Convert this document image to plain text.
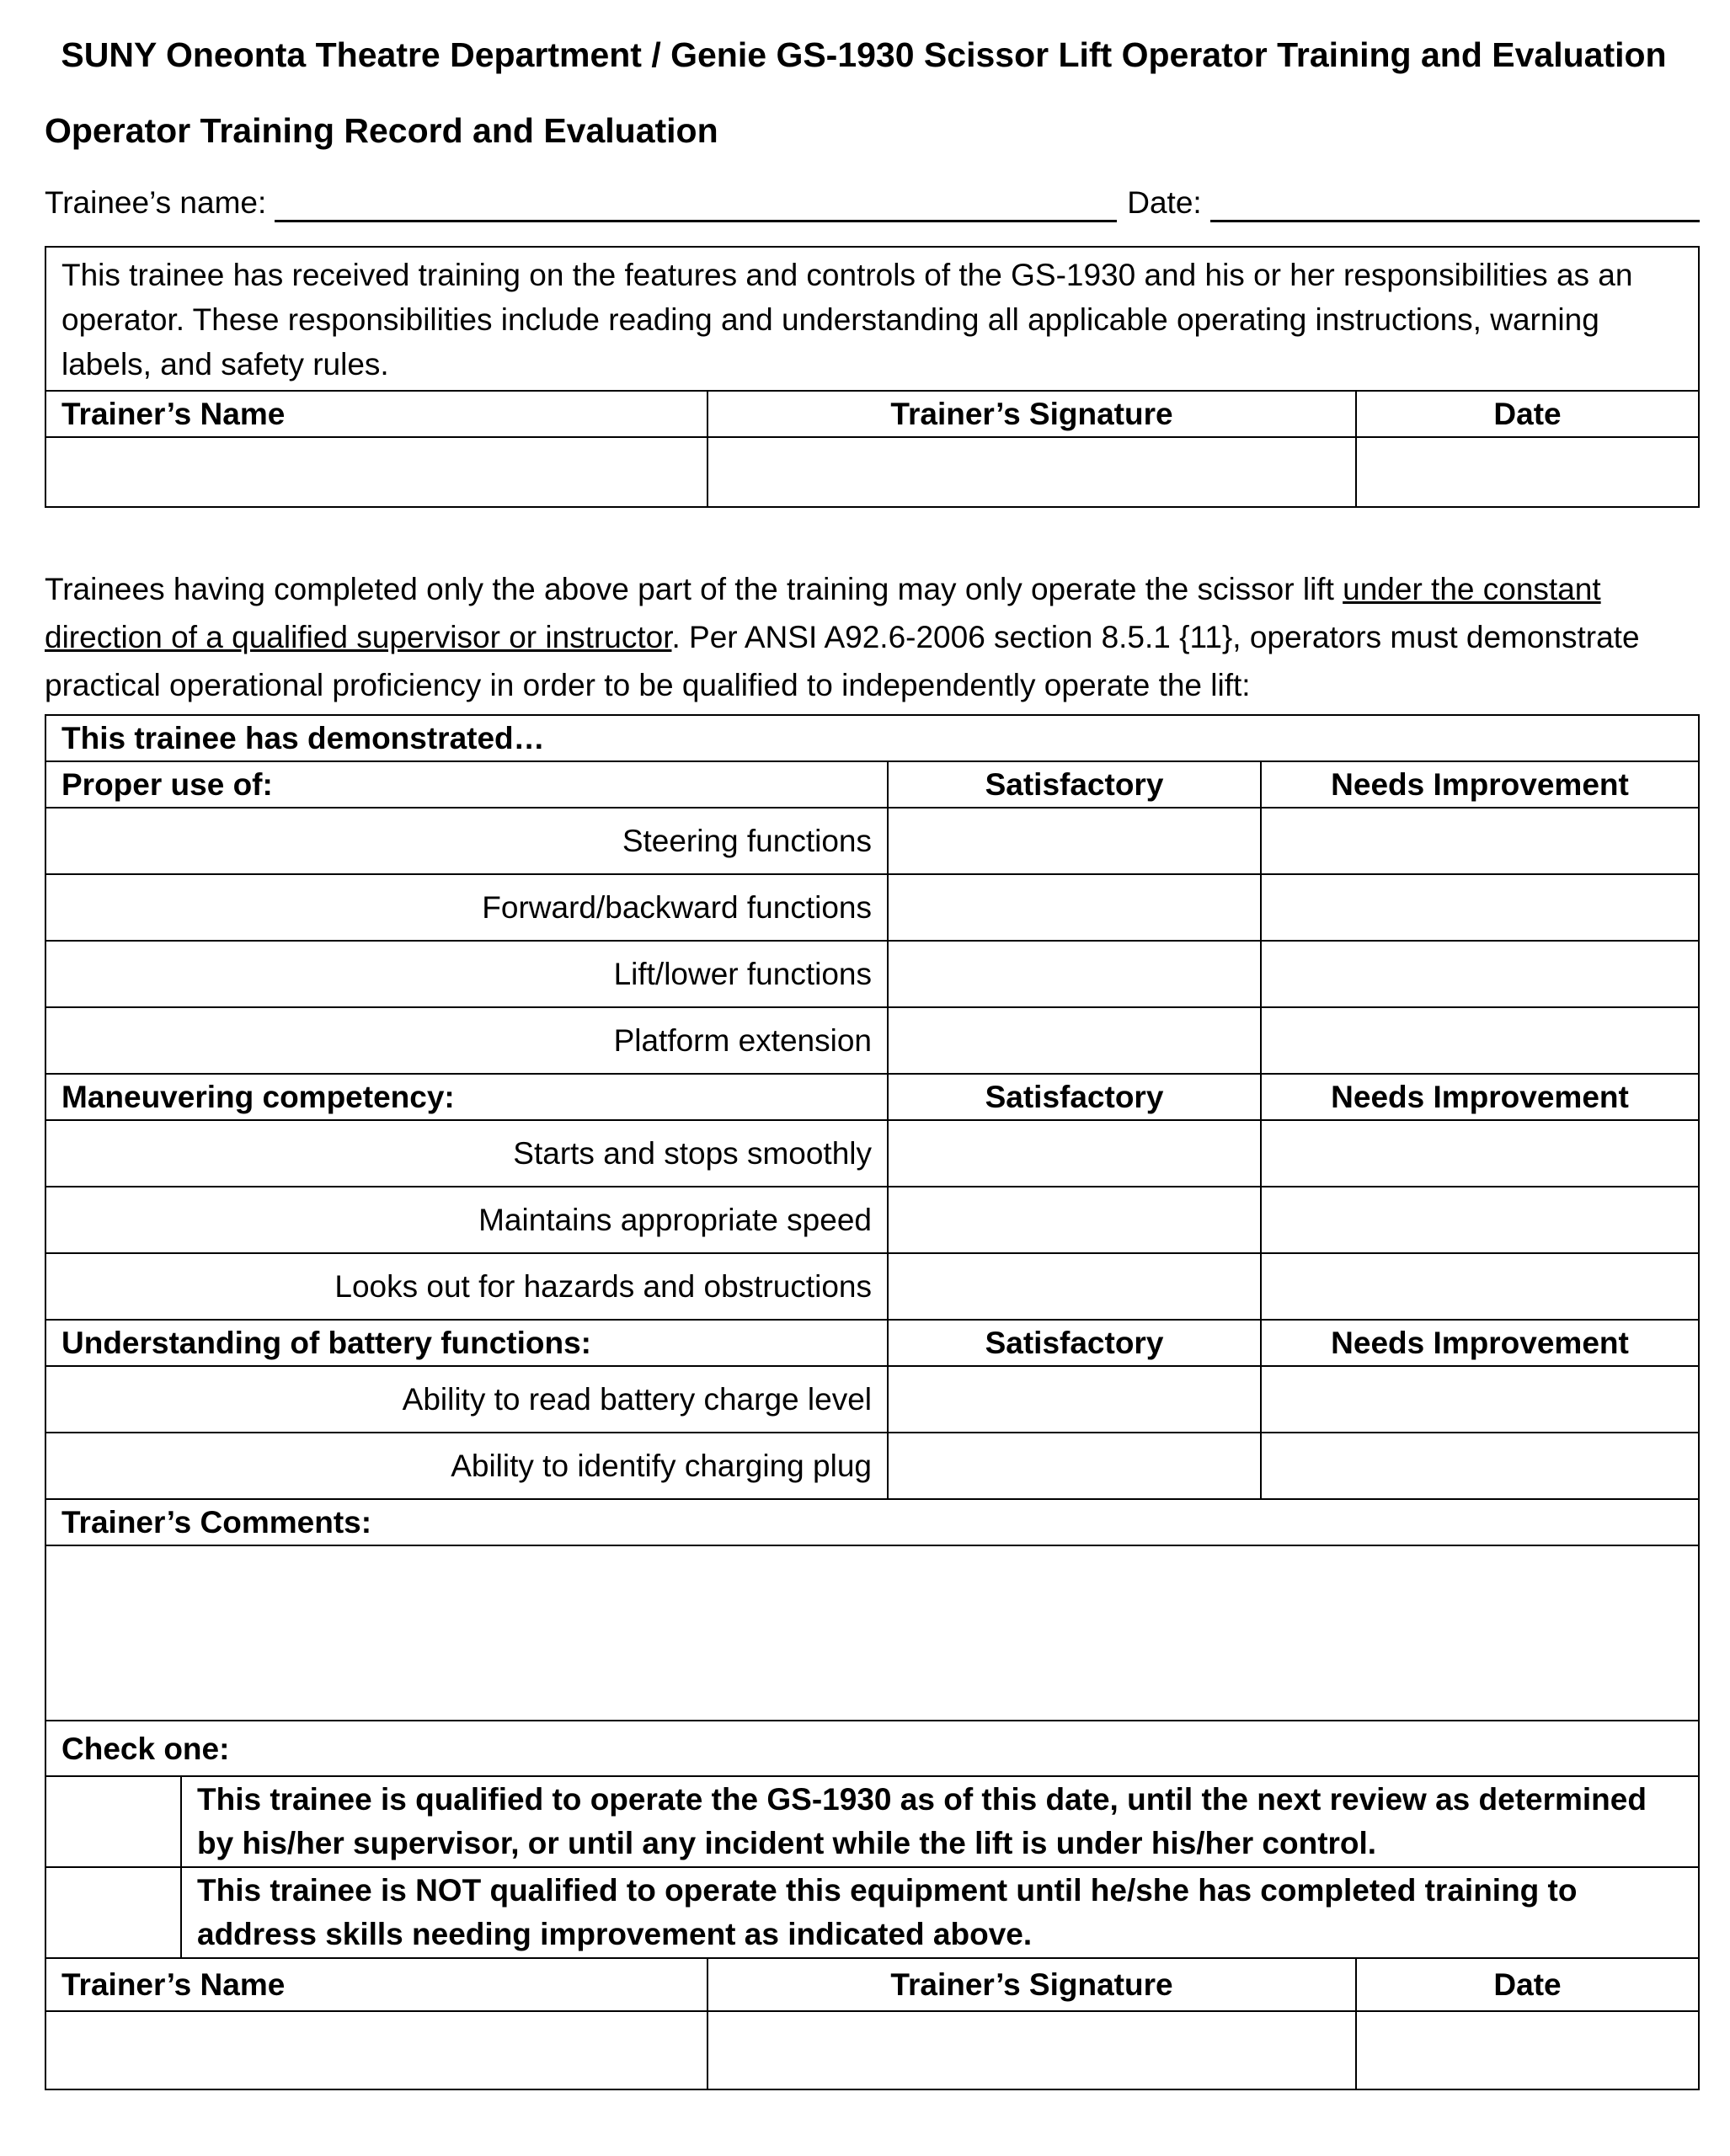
SUNY Oneonta Theatre Department / Genie GS-1930 Scissor Lift Operator Training and Evaluation
Operator Training Record and Evaluation
Trainee’s name:	Date:
This trainee has received training on the features and controls of the GS-1930 and his or her responsibilities as an operator. These responsibilities include reading and understanding all applicable operating instructions, warning labels, and safety rules.		
Trainer’s Name	Trainer’s Signature	Date

Trainees having completed only the above part of the training may only operate the scissor lift under the constant direction of a qualified supervisor or instructor. Per ANSI A92.6-2006 section 8.5.1 {11}, operators must demonstrate practical operational proficiency in order to be qualified to independently operate the lift:
This trainee has demonstrated…			
Proper use of:		Satisfactory	Needs Improvement
Steering functions			
Forward/backward functions			
Lift/lower functions			
Platform extension			
Maneuvering competency:		Satisfactory	Needs Improvement
Starts and stops smoothly			
Maintains appropriate speed			
Looks out for hazards and obstructions			
Understanding of battery functions:		Satisfactory	Needs Improvement
Ability to read battery charge level			
Ability to identify charging plug			
Trainer’s Comments:			

Check one:			
	This trainee is qualified to operate the GS-1930 as of this date, until the next review as determined by his/her supervisor, or until any incident while the lift is under his/her control.		
	This trainee is NOT qualified to operate this equipment until he/she has completed training to address skills needing improvement as indicated above.		
Trainer’s Name	Trainer’s Signature	Date
